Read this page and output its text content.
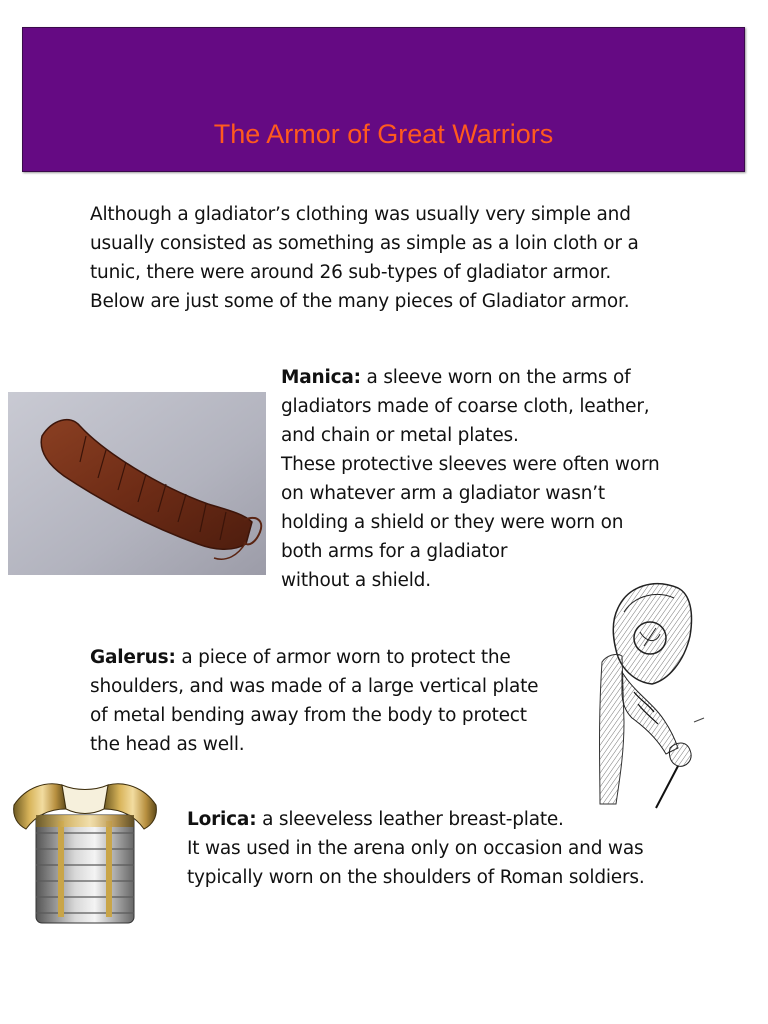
The Armor of Great Warriors
Although a gladiator’s clothing was usually very simple and
usually consisted as something as simple as a loin cloth or a
tunic, there were around 26 sub-types of gladiator armor.
Below are just some of the many pieces of Gladiator armor.
Manica: a sleeve worn on the arms of
gladiators made of coarse cloth, leather,
and chain or metal plates.
These protective sleeves were often worn
on whatever arm a gladiator wasn’t
holding a shield or they were worn on
both arms for a gladiator
without a shield.
Galerus: a piece of armor worn to protect the
shoulders, and was made of a large vertical plate
of metal bending away from the body to protect
the head as well.
Lorica: a sleeveless leather breast-plate.
It was used in the arena only on occasion and was
typically worn on the shoulders of Roman soldiers.
